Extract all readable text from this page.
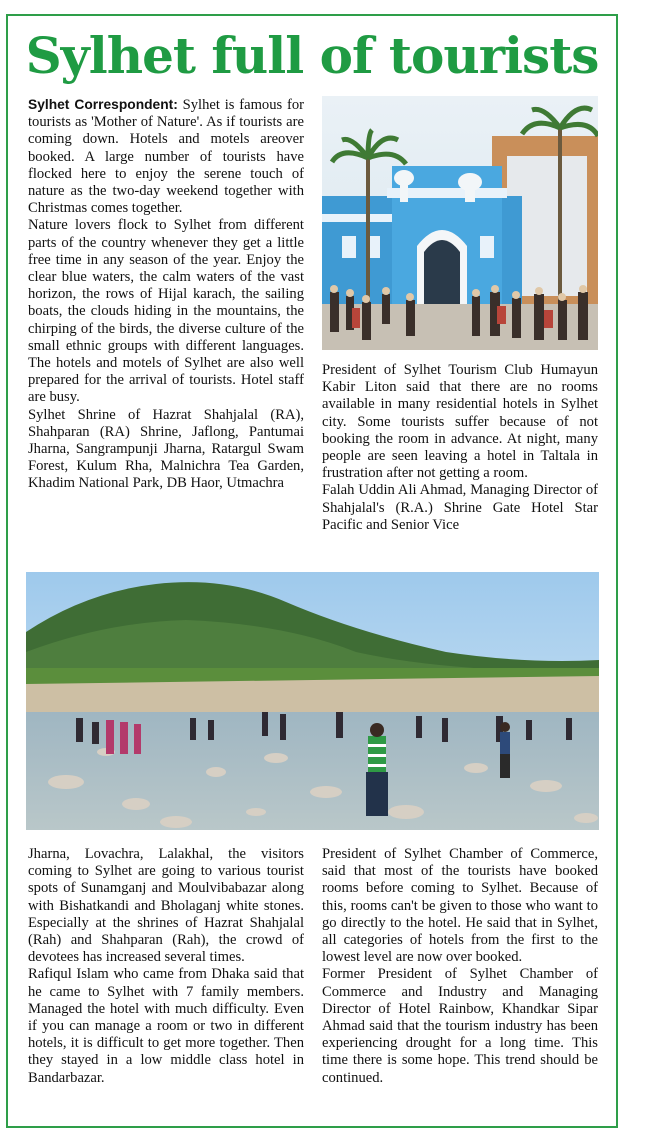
Sylhet full of tourists

Sylhet Correspondent: Sylhet is famous for tourists as 'Mother of Nature'. As if tourists are coming down. Hotels and motels areover booked. A large number of tourists have flocked here to enjoy the serene touch of nature as the two-day weekend together with Christmas comes together.

Nature lovers flock to Sylhet from different parts of the country whenever they get a little free time in any season of the year. Enjoy the clear blue waters, the calm waters of the vast horizon, the rows of Hijal karach, the sailing boats, the clouds hiding in the mountains, the chirping of the birds, the diverse culture of the small ethnic groups with different languages. The hotels and motels of Sylhet are also well prepared for the arrival of tourists. Hotel staff are busy.

Sylhet Shrine of Hazrat Shahjalal (RA), Shahparan (RA) Shrine, Jaflong, Pantumai Jharna, Sangrampunji Jharna, Ratargul Swam Forest, Kulum Rha, Malnichra Tea Garden, Khadim National Park, DB Haor, Utmachra

President of Sylhet Tourism Club Humayun Kabir Liton said that there are no rooms available in many residential hotels in Sylhet city. Some tourists suffer because of not booking the room in advance. At night, many people are seen leaving a hotel in Taltala in frustration after not getting a room.

Falah Uddin Ali Ahmad, Managing Director of Shahjalal's (R.A.) Shrine Gate Hotel Star Pacific and Senior Vice

Jharna, Lovachra, Lalakhal, the visitors coming to Sylhet are going to various tourist spots of Sunamganj and Moulvibabazar along with Bishatkandi and Bholaganj white stones. Especially at the shrines of Hazrat Shahjalal (Rah) and Shahparan (Rah), the crowd of devotees has increased several times.

Rafiqul Islam who came from Dhaka said that he came to Sylhet with 7 family members. Managed the hotel with much difficulty. Even if you can manage a room or two in different hotels, it is difficult to get more together. Then they stayed in a low middle class hotel in Bandarbazar.

President of Sylhet Chamber of Commerce, said that most of the tourists have booked rooms before coming to Sylhet. Because of this, rooms can't be given to those who want to go directly to the hotel. He said that in Sylhet, all categories of hotels from the first to the lowest level are now over booked.

Former President of Sylhet Chamber of Commerce and Industry and Managing Director of Hotel Rainbow, Khandkar Sipar Ahmad said that the tourism industry has been experiencing drought for a long time. This time there is some hope. This trend should be continued.
